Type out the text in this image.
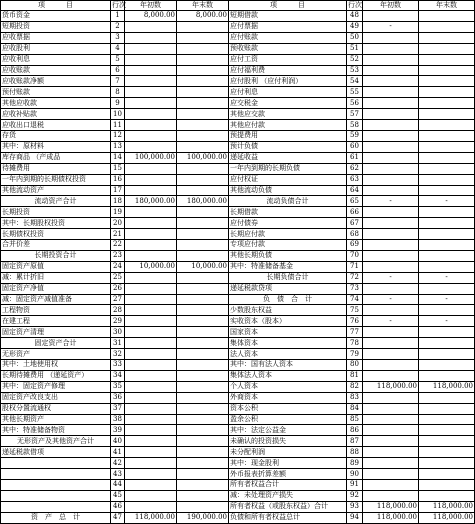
项　　　目	行次	年初数	年末数	项　　　目	行次	年初数	年末数
货币资金	1	8,000.00	8,000.00	短期借款	48		
短期投资	2			应付票据	49	-	
应收票据	3			应付账款	50		
应收股利	4			预收账款	51		
应收利息	5			应付工资	52		
应收账款	6			应付福利费	53		
应收账款净额	7			应付股利 （应付利润）	54		
预付账款	8			应付利息	55		
其他应收款	9			应交税金	56		
应收补贴款	10			其他应交款	57		
应收出口退税	11			其他应付款	58		
存货	12			预提费用	59		
其中：原材料	13			预计负债	60		
库存商品 （产成品	14	100,000.00	100,000.00	递延收益	61		
待摊费用	15			一年内到期的长期负债	62		
一年内到期的长期债权投资	16			应付权证	63		
其他流动资产	17			其他流动负债	64		
流动资产合计	18	180,000.00	180,000.00	流动负债合计	65	-	-
长期投资	19			长期借款	66		
其中：长期股权投资	20			应付债券	67		
长期债权投资	21			长期应付款	68		
合并价差	22			专项应付款	69		
长期投资合计	23			其他长期负债	70		
固定资产原值	24	10,000.00	10,000.00	其中：特准储备基金	71		
减：累计折旧	25			长期负债合计	72	-	-
固定资产净值	26			递延税款贷项	73		
减：固定资产减值准备	27			负　债　合　计	74	-	-
工程物资	28			少数股东权益	75		
在建工程	29			实收资本（股本）	76	-	-
固定资产清理	30			国家资本	77		
固定资产合计	31			集体资本	78		
无形资产	32			法人资本	79		
其中：土地使用权	33			其中：国有法人资本	80		
长期待摊费用 （递延资产）	34			集体法人资本	81		
其中：固定资产修理	35			个人资本	82	118,000.00	118,000.00
固定资产改良支出	36			外商资本	83		
股权分置流通权	37			资本公积	84		
其他长期资产	38			盈余公积	85		
其中：特准储备物资	39			其中：法定公益金	86		
无形资产及其他资产合计	40			未确认的投资损失	87		
递延税款借项	41			未分配利润	88		
	42			其中：现金股利	89		
	43			外币报表折算差额	90		
	44			所有者权益合计	91		
	45			减：未处理资产损失	92		
	46			所有者权益（或股东权益）合计	93	118,000.00	118,000.00
资　产　总　计	47	118,000.00	190,000.00	负债和所有者权益总计	94	118,000.00	118,000.00
